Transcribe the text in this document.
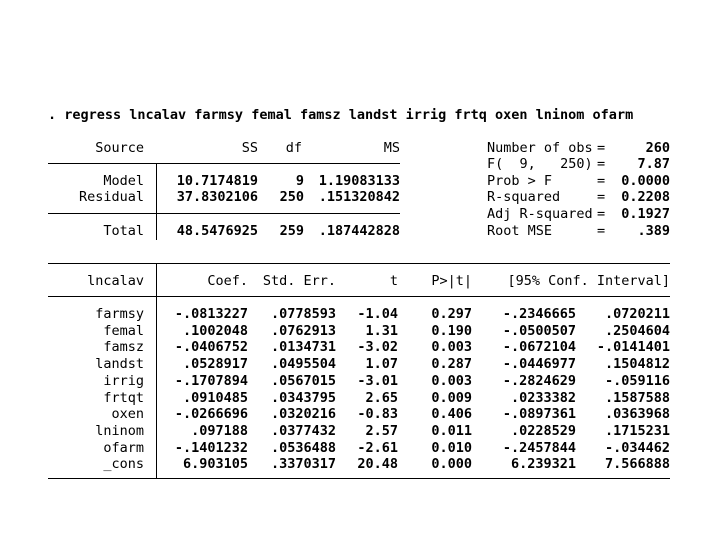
. regress lncalav farmsy femal famsz landst irrig frtq oxen lninom ofarm
Source	SS	df	MS
Model	10.7174819	9	1.19083133
Residual	37.8302106	250	.151320842
Total	48.5476925	259	.187442828
Number of obs =	260
F(  9,   250) =	7.87
Prob > F	=	0.0000
R-squared	=	0.2208
Adj R-squared =	0.1927
Root MSE	=	.389
lncalav	Coef.	Std. Err.	t	P>|t|	[95% Conf. Interval]
farmsy	-.0813227	.0778593	-1.04	0.297	-.2346665	.0720211
femal	.1002048	.0762913	1.31	0.190	-.0500507	.2504604
famsz	-.0406752	.0134731	-3.02	0.003	-.0672104	-.0141401
landst	.0528917	.0495504	1.07	0.287	-.0446977	.1504812
irrig	-.1707894	.0567015	-3.01	0.003	-.2824629	-.059116
frtqt	.0910485	.0343795	2.65	0.009	.0233382	.1587588
oxen	-.0266696	.0320216	-0.83	0.406	-.0897361	.0363968
lninom	.097188	.0377432	2.57	0.011	.0228529	.1715231
ofarm	-.1401232	.0536488	-2.61	0.010	-.2457844	-.034462
_cons	6.903105	.3370317	20.48	0.000	6.239321	7.566888
